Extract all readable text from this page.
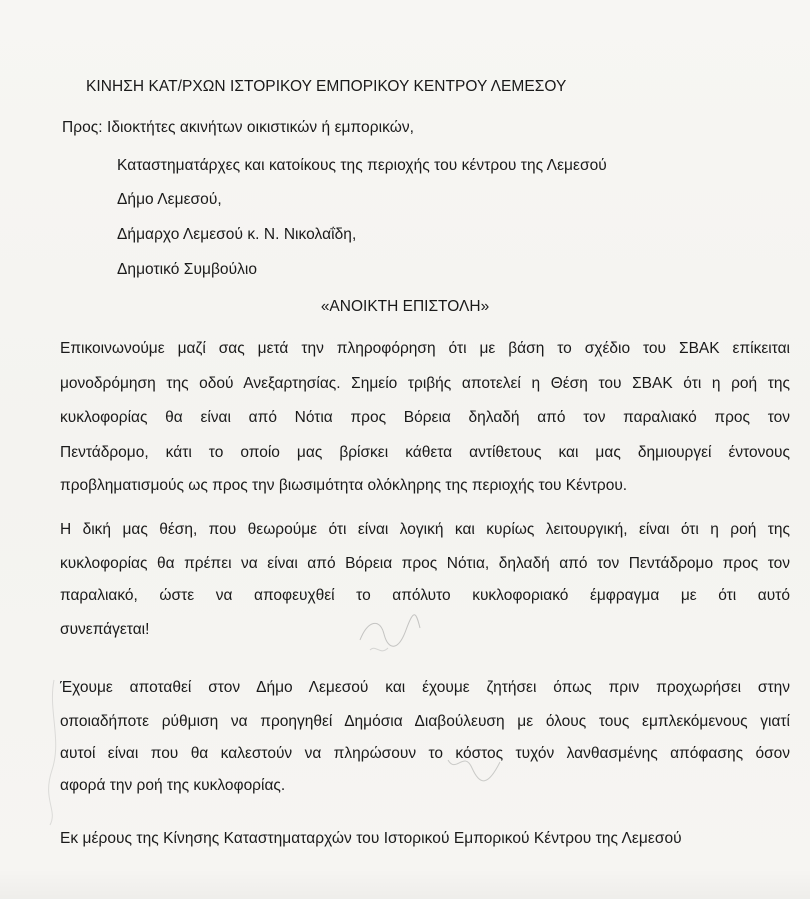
ΚΙΝΗΣΗ ΚΑΤ/ΡΧΩΝ ΙΣΤΟΡΙΚΟΥ ΕΜΠΟΡΙΚΟΥ ΚΕΝΤΡΟΥ ΛΕΜΕΣΟΥ
Προς: Ιδιοκτήτες ακινήτων οικιστικών ή εμπορικών,
Καταστηματάρχες και κατοίκους της περιοχής του κέντρου της Λεμεσού
Δήμο Λεμεσού,
Δήμαρχο Λεμεσού κ. Ν. Νικολαΐδη,
Δημοτικό Συμβούλιο
«ΑΝΟΙΚΤΗ ΕΠΙΣΤΟΛΗ»
Επικοινωνούμε μαζί σας μετά την πληροφόρηση ότι με βάση το σχέδιο του ΣΒΑΚ επίκειται
μονοδρόμηση της οδού Ανεξαρτησίας. Σημείο τριβής αποτελεί η Θέση του ΣΒΑΚ ότι η ροή της
κυκλοφορίας θα είναι από Νότια προς Βόρεια δηλαδή από τον παραλιακό προς τον
Πεντάδρομο, κάτι το οποίο μας βρίσκει κάθετα αντίθετους και μας δημιουργεί έντονους
προβληματισμούς ως προς την βιωσιμότητα ολόκληρης της περιοχής του Κέντρου.
Η δική μας θέση, που θεωρούμε ότι είναι λογική και κυρίως λειτουργική, είναι ότι η ροή της
κυκλοφορίας θα πρέπει να είναι από Βόρεια προς Νότια, δηλαδή από τον Πεντάδρομο προς τον
παραλιακό, ώστε να αποφευχθεί το απόλυτο κυκλοφοριακό έμφραγμα με ότι αυτό
συνεπάγεται!
Έχουμε αποταθεί στον Δήμο Λεμεσού και έχουμε ζητήσει όπως πριν προχωρήσει στην
οποιαδήποτε ρύθμιση να προηγηθεί Δημόσια Διαβούλευση με όλους τους εμπλεκόμενους γιατί
αυτοί είναι που θα καλεστούν να πληρώσουν το κόστος τυχόν λανθασμένης απόφασης όσον
αφορά την ροή της κυκλοφορίας.
Εκ μέρους της Κίνησης Καταστηματαρχών του Ιστορικού Εμπορικού Κέντρου της Λεμεσού
